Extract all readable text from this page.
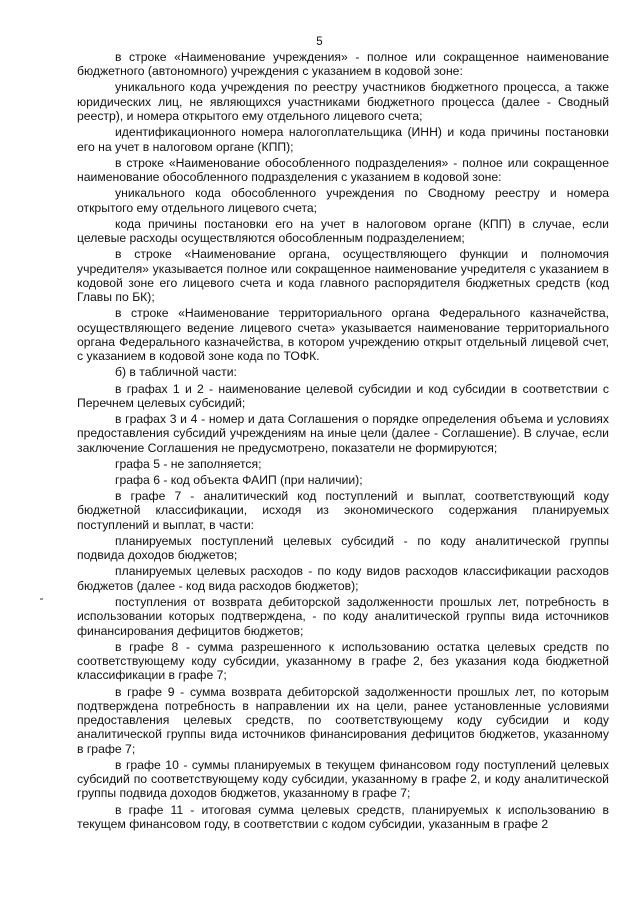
5

в строке «Наименование учреждения» - полное или сокращенное наименование бюджетного (автономного) учреждения с указанием в кодовой зоне:

уникального кода учреждения по реестру участников бюджетного процесса, а также юридических лиц, не являющихся участниками бюджетного процесса (далее - Сводный реестр), и номера открытого ему отдельного лицевого счета;

идентификационного номера налогоплательщика (ИНН) и кода причины постановки его на учет в налоговом органе (КПП);

в строке «Наименование обособленного подразделения» - полное или сокращенное наименование обособленного подразделения с указанием в кодовой зоне:

уникального кода обособленного учреждения по Сводному реестру и номера открытого ему отдельного лицевого счета;

кода причины постановки его на учет в налоговом органе (КПП) в случае, если целевые расходы осуществляются обособленным подразделением;

в строке «Наименование органа, осуществляющего функции и полномочия учредителя» указывается полное или сокращенное наименование учредителя с указанием в кодовой зоне его лицевого счета и кода главного распорядителя бюджетных средств (код Главы по БК);

в строке «Наименование территориального органа Федерального казначейства, осуществляющего ведение лицевого счета» указывается наименование территориального органа Федерального казначейства, в котором учреждению открыт отдельный лицевой счет, с указанием в кодовой зоне кода по ТОФК.

б) в табличной части:

в графах 1 и 2 - наименование целевой субсидии и код субсидии в соответствии с Перечнем целевых субсидий;

в графах 3 и 4 - номер и дата Соглашения о порядке определения объема и условиях предоставления субсидий учреждениям на иные цели (далее - Соглашение). В случае, если заключение Соглашения не предусмотрено, показатели не формируются;

графа 5 - не заполняется;

графа 6 - код объекта ФАИП (при наличии);

в графе 7 - аналитический код поступлений и выплат, соответствующий коду бюджетной классификации, исходя из экономического содержания планируемых поступлений и выплат, в части:

планируемых поступлений целевых субсидий - по коду аналитической группы подвида доходов бюджетов;

планируемых целевых расходов - по коду видов расходов классификации расходов бюджетов (далее - код вида расходов бюджетов);

поступления от возврата дебиторской задолженности прошлых лет, потребность в использовании которых подтверждена, - по коду аналитической группы вида источников финансирования дефицитов бюджетов;

в графе 8 - сумма разрешенного к использованию остатка целевых средств по соответствующему коду субсидии, указанному в графе 2, без указания кода бюджетной классификации в графе 7;

в графе 9 - сумма возврата дебиторской задолженности прошлых лет, по которым подтверждена потребность в направлении их на цели, ранее установленные условиями предоставления целевых средств, по соответствующему коду субсидии и коду аналитической группы вида источников финансирования дефицитов бюджетов, указанному в графе 7;

в графе 10 - суммы планируемых в текущем финансовом году поступлений целевых субсидий по соответствующему коду субсидии, указанному в графе 2, и коду аналитической группы подвида доходов бюджетов, указанному в графе 7;

в графе 11 - итоговая сумма целевых средств, планируемых к использованию в текущем финансовом году, в соответствии с кодом субсидии, указанным в графе 2
